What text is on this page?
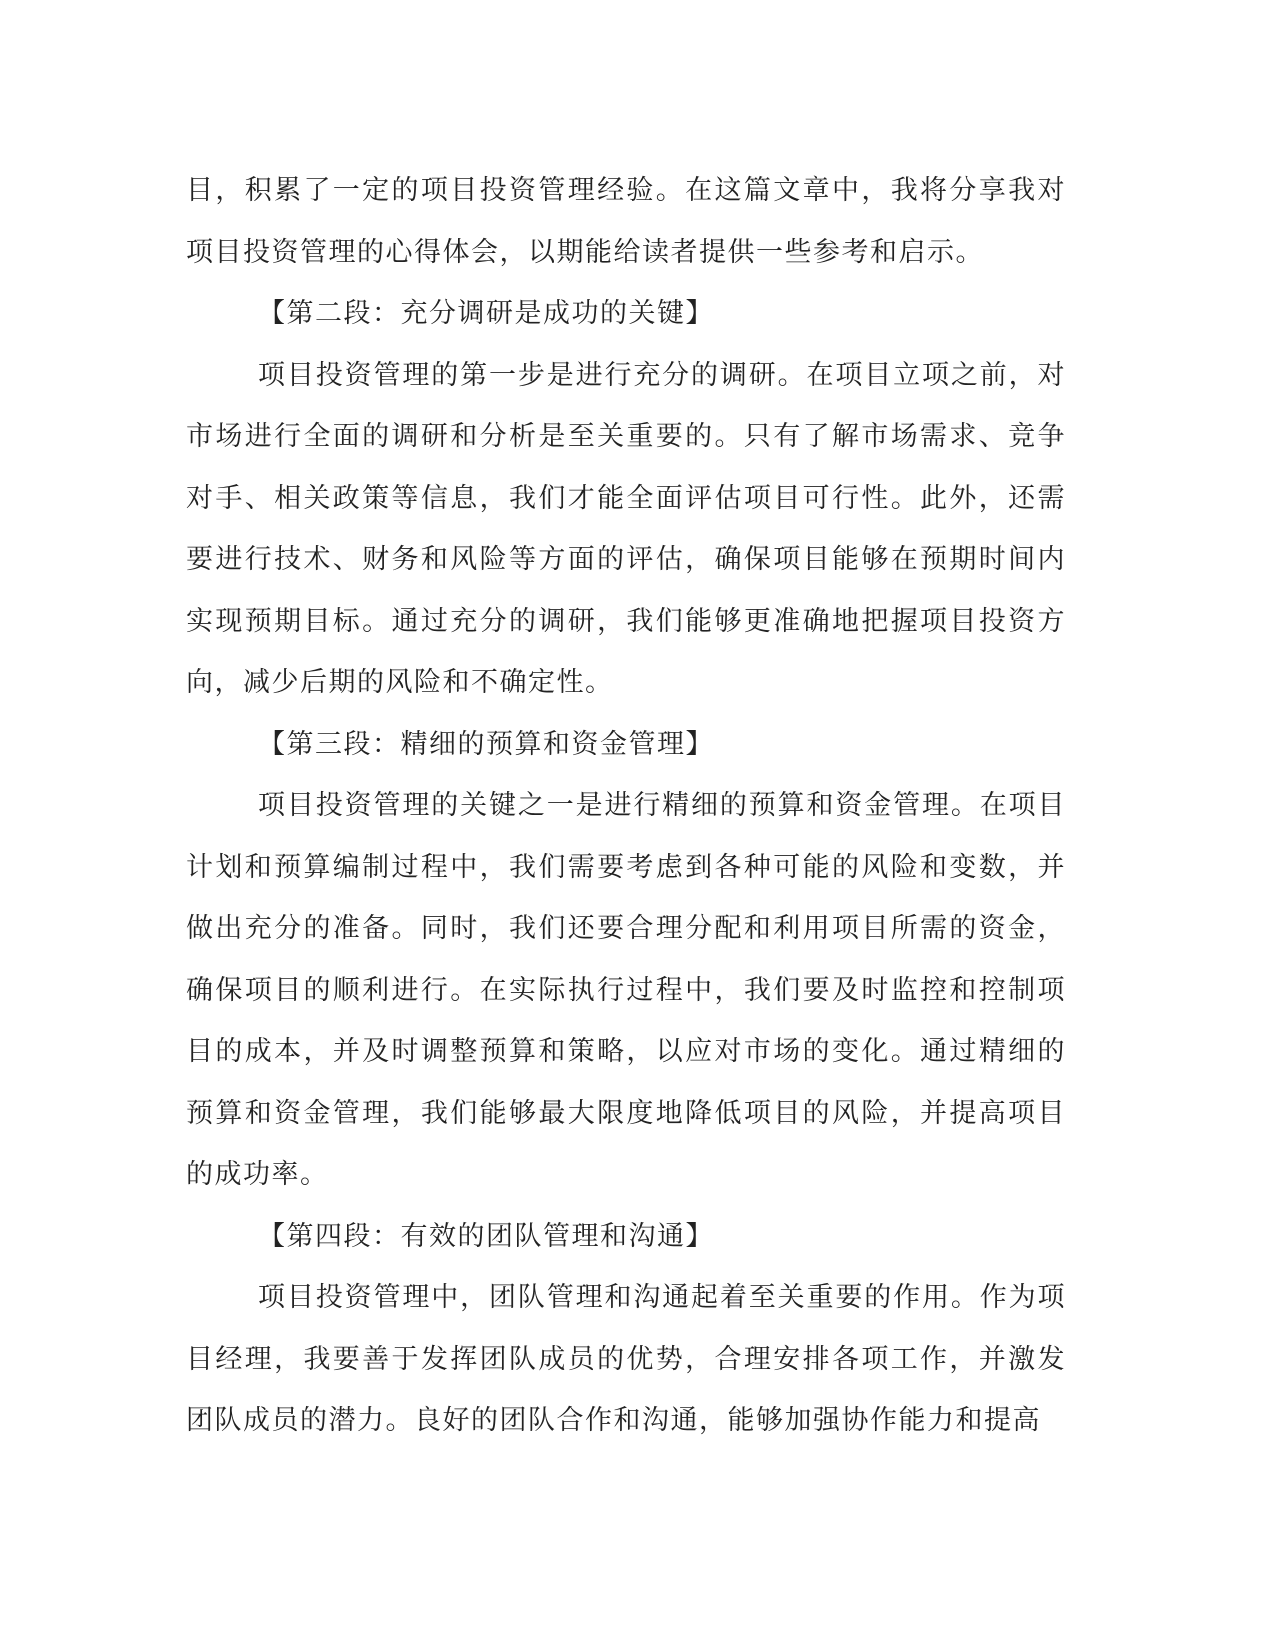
目，积累了一定的项目投资管理经验。在这篇文章中，我将分享我对项目投资管理的心得体会，以期能给读者提供一些参考和启示。

【第二段：充分调研是成功的关键】

项目投资管理的第一步是进行充分的调研。在项目立项之前，对市场进行全面的调研和分析是至关重要的。只有了解市场需求、竞争对手、相关政策等信息，我们才能全面评估项目可行性。此外，还需要进行技术、财务和风险等方面的评估，确保项目能够在预期时间内实现预期目标。通过充分的调研，我们能够更准确地把握项目投资方向，减少后期的风险和不确定性。

【第三段：精细的预算和资金管理】

项目投资管理的关键之一是进行精细的预算和资金管理。在项目计划和预算编制过程中，我们需要考虑到各种可能的风险和变数，并做出充分的准备。同时，我们还要合理分配和利用项目所需的资金，确保项目的顺利进行。在实际执行过程中，我们要及时监控和控制项目的成本，并及时调整预算和策略，以应对市场的变化。通过精细的预算和资金管理，我们能够最大限度地降低项目的风险，并提高项目的成功率。

【第四段：有效的团队管理和沟通】

项目投资管理中，团队管理和沟通起着至关重要的作用。作为项目经理，我要善于发挥团队成员的优势，合理安排各项工作，并激发团队成员的潜力。良好的团队合作和沟通，能够加强协作能力和提高
